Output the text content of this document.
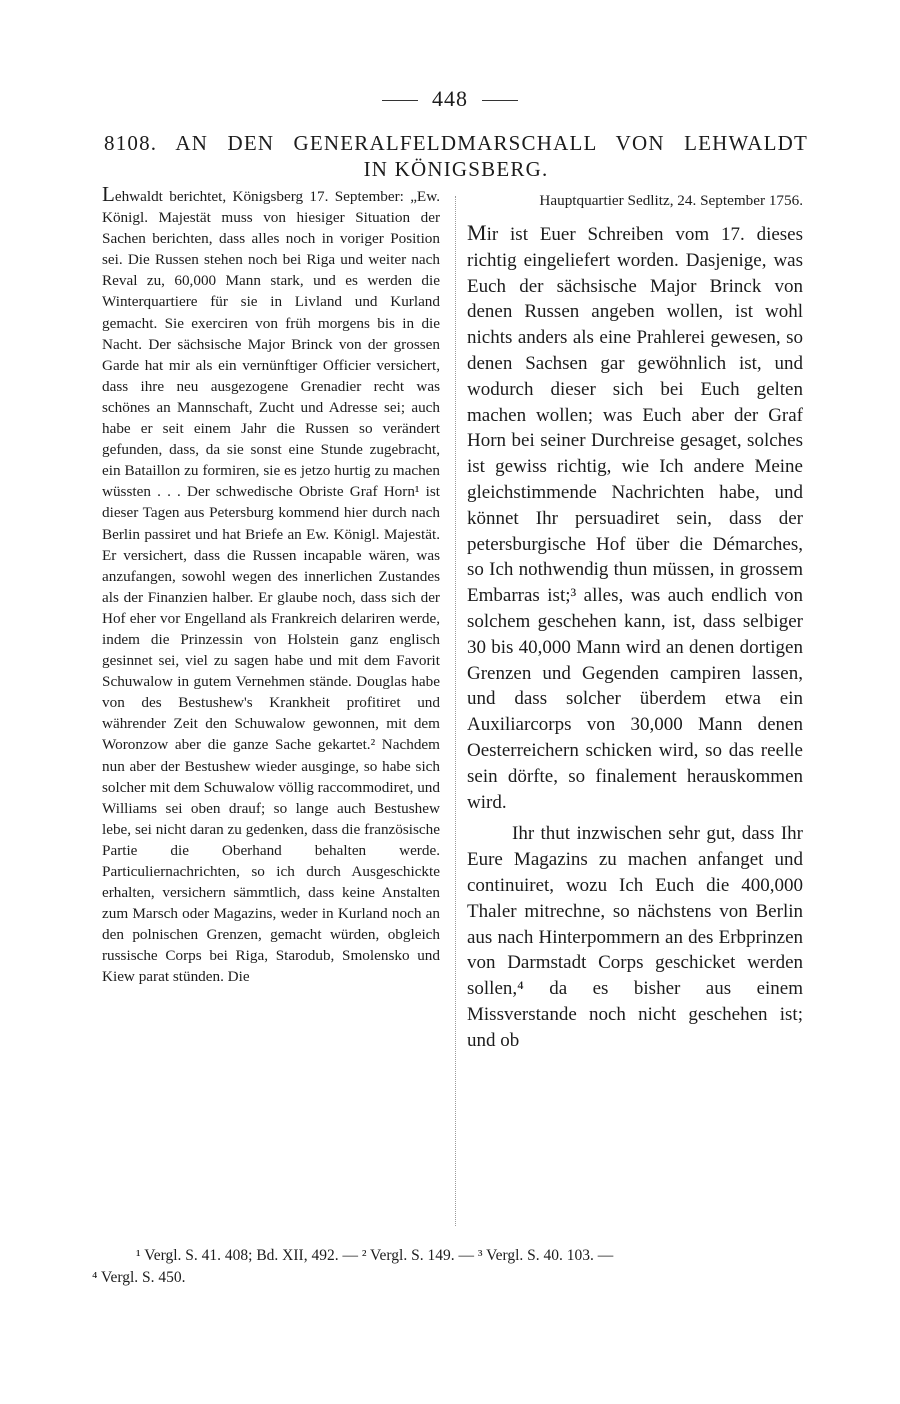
448
8108. AN DEN GENERALFELDMARSCHALL VON LEHWALDT
IN KÖNIGSBERG.
Lehwaldt berichtet, Königsberg 17. September: „Ew. Königl. Majestät muss von hiesiger Situation der Sachen berichten, dass alles noch in voriger Position sei. Die Russen stehen noch bei Riga und weiter nach Reval zu, 60,000 Mann stark, und es werden die Winterquartiere für sie in Livland und Kurland gemacht. Sie exerciren von früh morgens bis in die Nacht. Der sächsische Major Brinck von der grossen Garde hat mir als ein vernünftiger Officier versichert, dass ihre neu ausgezogene Grenadier recht was schönes an Mannschaft, Zucht und Adresse sei; auch habe er seit einem Jahr die Russen so verändert gefunden, dass, da sie sonst eine Stunde zugebracht, ein Bataillon zu formiren, sie es jetzo hurtig zu machen wüssten . . . Der schwedische Obriste Graf Horn¹ ist dieser Tagen aus Petersburg kommend hier durch nach Berlin passiret und hat Briefe an Ew. Königl. Majestät. Er versichert, dass die Russen incapable wären, was anzufangen, sowohl wegen des innerlichen Zustandes als der Finanzien halber. Er glaube noch, dass sich der Hof eher vor Engelland als Frankreich delariren werde, indem die Prinzessin von Holstein ganz englisch gesinnet sei, viel zu sagen habe und mit dem Favorit Schuwalow in gutem Vernehmen stände. Douglas habe von des Bestushew's Krankheit profitiret und währender Zeit den Schuwalow gewonnen, mit dem Woronzow aber die ganze Sache gekartet.² Nachdem nun aber der Bestushew wieder ausginge, so habe sich solcher mit dem Schuwalow völlig raccommodiret, und Williams sei oben drauf; so lange auch Bestushew lebe, sei nicht daran zu gedenken, dass die französische Partie die Oberhand behalten werde. Particuliernachrichten, so ich durch Ausgeschickte erhalten, versichern sämmtlich, dass keine Anstalten zum Marsch oder Magazins, weder in Kurland noch an den polnischen Grenzen, gemacht würden, obgleich russische Corps bei Riga, Starodub, Smolensko und Kiew parat stünden. Die
Hauptquartier Sedlitz, 24. September 1756.

Mir ist Euer Schreiben vom 17. dieses richtig eingeliefert worden. Dasjenige, was Euch der sächsische Major Brinck von denen Russen angeben wollen, ist wohl nichts anders als eine Prahlerei gewesen, so denen Sachsen gar gewöhnlich ist, und wodurch dieser sich bei Euch gelten machen wollen; was Euch aber der Graf Horn bei seiner Durchreise gesaget, solches ist gewiss richtig, wie Ich andere Meine gleichstimmende Nachrichten habe, und könnet Ihr persuadiret sein, dass der petersburgische Hof über die Démarches, so Ich nothwendig thun müssen, in grossem Embarras ist;³ alles, was auch endlich von solchem geschehen kann, ist, dass selbiger 30 bis 40,000 Mann wird an denen dortigen Grenzen und Gegenden campiren lassen, und dass solcher überdem etwa ein Auxiliarcorps von 30,000 Mann denen Oesterreichern schicken wird, so das reelle sein dörfte, so finalement herauskommen wird.

Ihr thut inzwischen sehr gut, dass Ihr Eure Magazins zu machen anfanget und continuiret, wozu Ich Euch die 400,000 Thaler mitrechne, so nächstens von Berlin aus nach Hinterpommern an des Erbprinzen von Darmstadt Corps geschicket werden sollen,⁴ da es bisher aus einem Missverstande noch nicht geschehen ist; und ob

¹ Vergl. S. 41. 408; Bd. XII, 492. — ² Vergl. S. 149. — ³ Vergl. S. 40. 103. —
⁴ Vergl. S. 450.
